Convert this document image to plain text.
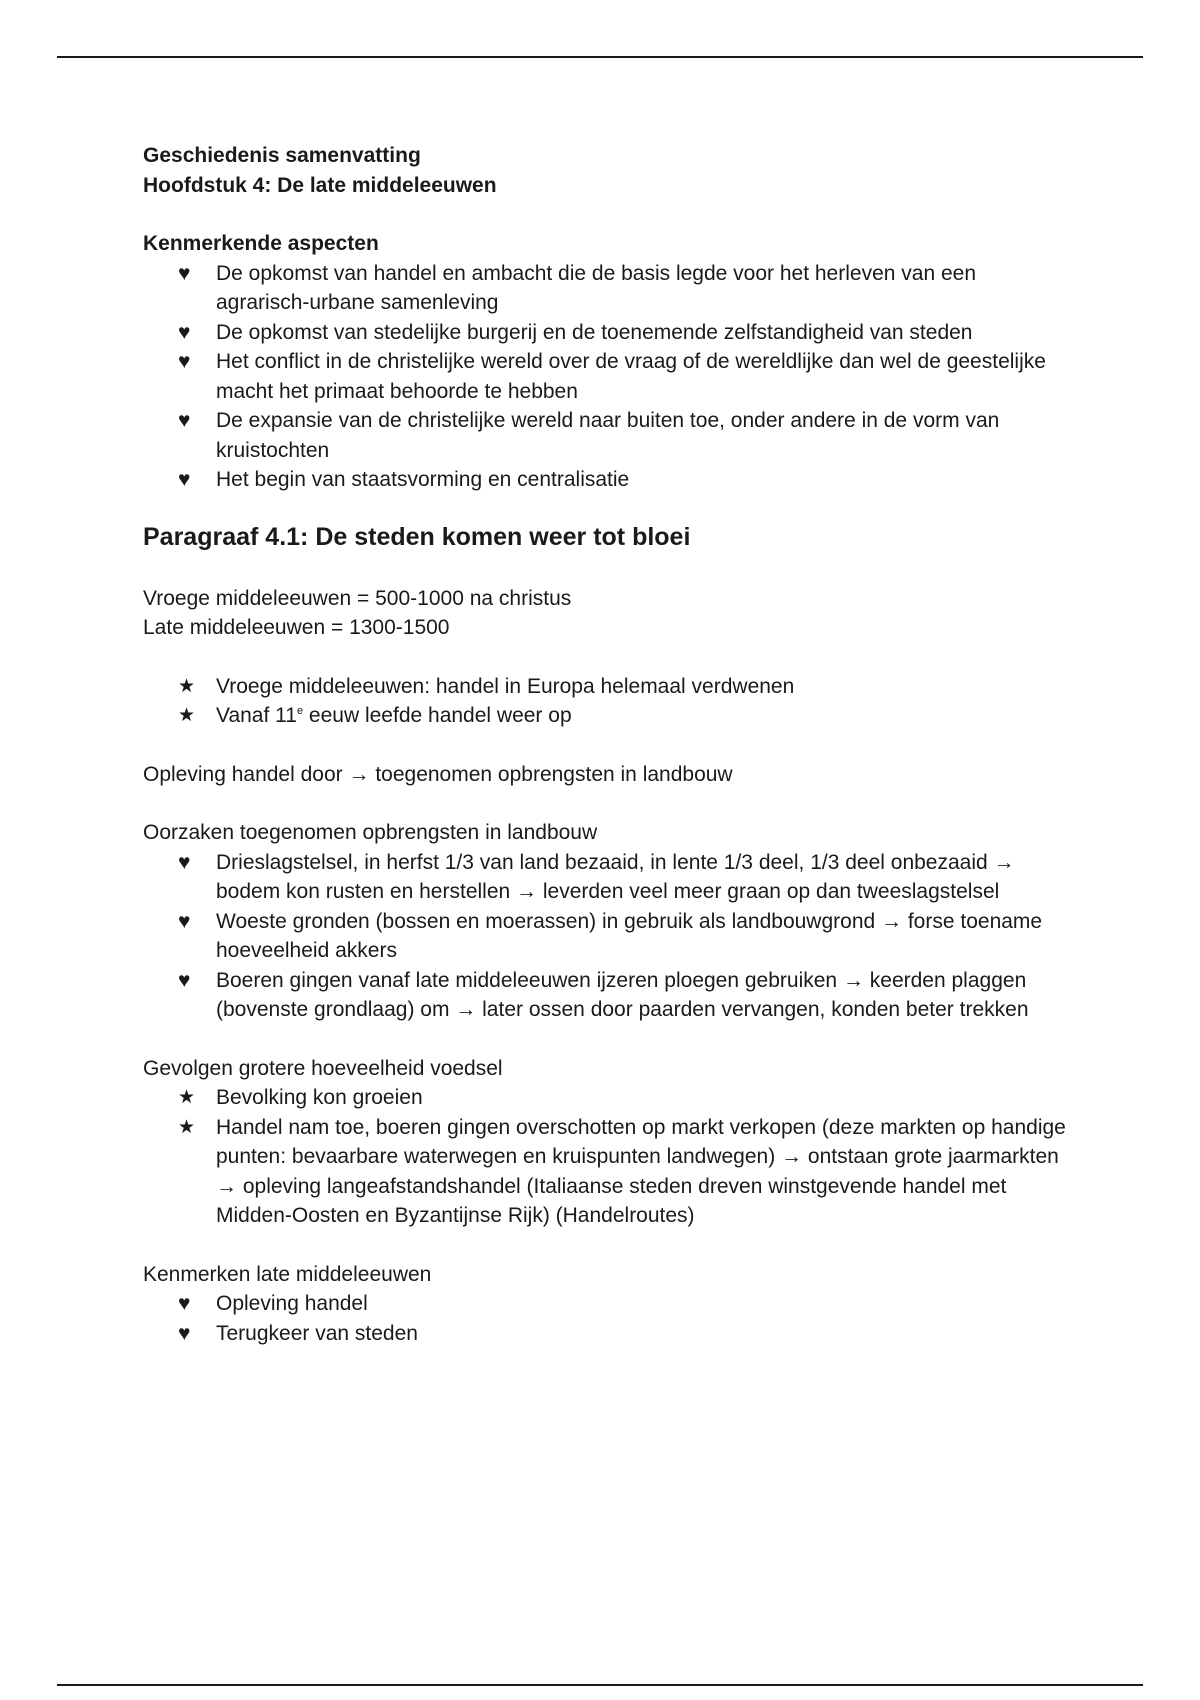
Geschiedenis samenvatting
Hoofdstuk 4: De late middeleeuwen
Kenmerkende aspecten
♥	De opkomst van handel en ambacht die de basis legde voor het herleven van een agrarisch-urbane samenleving
♥	De opkomst van stedelijke burgerij en de toenemende zelfstandigheid van steden
♥	Het conflict in de christelijke wereld over de vraag of de wereldlijke dan wel de geestelijke macht het primaat behoorde te hebben
♥	De expansie van de christelijke wereld naar buiten toe, onder andere in de vorm van kruistochten
♥	Het begin van staatsvorming en centralisatie
Paragraaf 4.1: De steden komen weer tot bloei
Vroege middeleeuwen = 500-1000 na christus
Late middeleeuwen = 1300-1500
★ Vroege middeleeuwen: handel in Europa helemaal verdwenen
★ Vanaf 11e eeuw leefde handel weer op
Opleving handel door → toegenomen opbrengsten in landbouw
Oorzaken toegenomen opbrengsten in landbouw
♥	Drieslagstelsel, in herfst 1/3 van land bezaaid, in lente 1/3 deel, 1/3 deel onbezaaid → bodem kon rusten en herstellen → leverden veel meer graan op dan tweeslagstelsel
♥	Woeste gronden (bossen en moerassen) in gebruik als landbouwgrond → forse toename hoeveelheid akkers
♥	Boeren gingen vanaf late middeleeuwen ijzeren ploegen gebruiken → keerden plaggen (bovenste grondlaag) om → later ossen door paarden vervangen, konden beter trekken
Gevolgen grotere hoeveelheid voedsel
★ Bevolking kon groeien
★ Handel nam toe, boeren gingen overschotten op markt verkopen (deze markten op handige punten: bevaarbare waterwegen en kruispunten landwegen) → ontstaan grote jaarmarkten → opleving langeafstandshandel (Italiaanse steden dreven winstgevende handel met Midden-Oosten en Byzantijnse Rijk) (Handelroutes)
Kenmerken late middeleeuwen
♥	Opleving handel
♥	Terugkeer van steden
